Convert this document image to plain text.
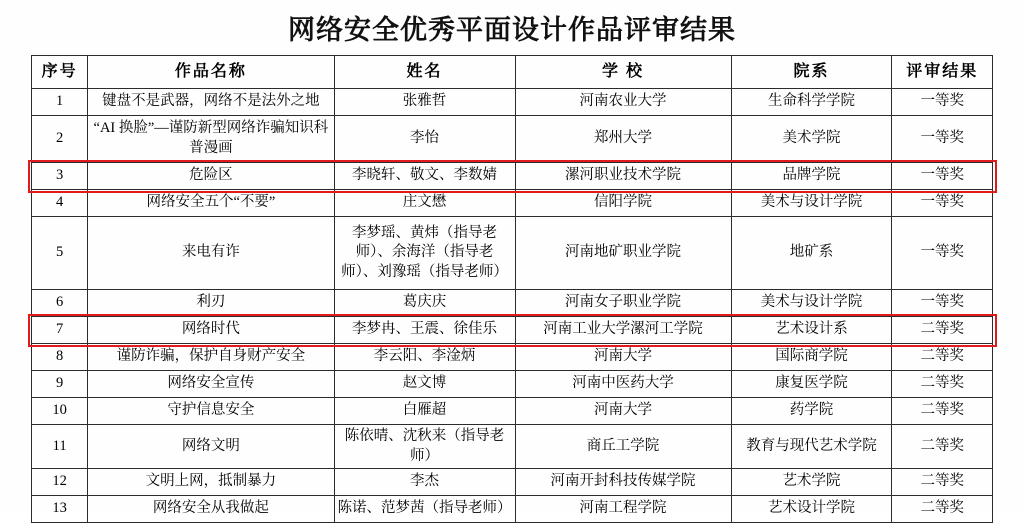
网络安全优秀平面设计作品评审结果
序号	作品名称	姓名	学 校	院系	评审结果
1	键盘不是武器，网络不是法外之地	张雅哲	河南农业大学	生命科学学院	一等奖
2	“AI 换脸”—谨防新型网络诈骗知识科普漫画	李怡	郑州大学	美术学院	一等奖
3	危险区	李晓轩、敬文、李数婧	漯河职业技术学院	品牌学院	一等奖
4	网络安全五个“不要”	庄文懋	信阳学院	美术与设计学院	一等奖
5	来电有诈	李梦瑶、黄炜（指导老师）、余海洋（指导老师）、刘豫瑶（指导老师）	河南地矿职业学院	地矿系	一等奖
6	利刃	葛庆庆	河南女子职业学院	美术与设计学院	一等奖
7	网络时代	李梦冉、王震、徐佳乐	河南工业大学漯河工学院	艺术设计系	二等奖
8	谨防诈骗，保护自身财产安全	李云阳、李淦炳	河南大学	国际商学院	二等奖
9	网络安全宣传	赵文博	河南中医药大学	康复医学院	二等奖
10	守护信息安全	白雁超	河南大学	药学院	二等奖
11	网络文明	陈依晴、沈秋来（指导老师）	商丘工学院	教育与现代艺术学院	二等奖
12	文明上网，抵制暴力	李杰	河南开封科技传媒学院	艺术学院	二等奖
13	网络安全从我做起	陈诺、范梦茜（指导老师）	河南工程学院	艺术设计学院	二等奖
